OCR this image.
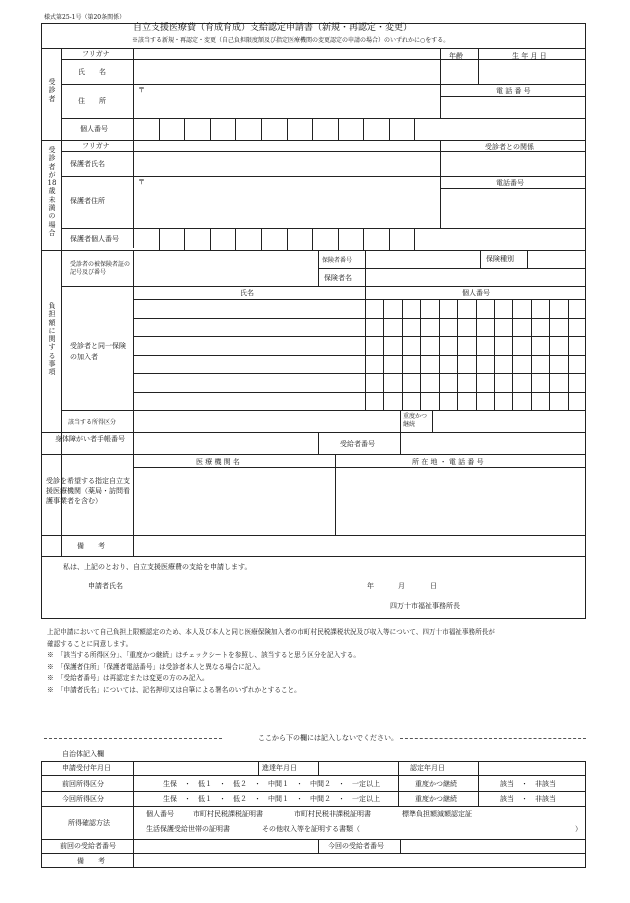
様式第25-1号（第20条関係）
自立支援医療費（育成育成）支給認定申請書（新規・再認定・変更）
※該当する新規・再認定・変更（自己負担限度額及び指定医療機関の変更認定の申請の場合）のいずれかに○をする。
受診者
フリガナ
氏　　名
住　　所
〒
個人番号
年齢	生 年 月 日
電 話 番 号
受診者が18歳未満の場合
フリガナ	受診者との関係
保護者氏名
〒
保護者住所
電話番号
保護者個人番号
負担額に関する事項
受診者の被保険者証の記号及び番号
保険者番号	保険種別
保険者名
氏名	個人番号
受診者と同一保険の加入者
該当する所得区分
重度かつ継続
身体障がい者手帳番号
受給者番号
受診を希望する指定自立支援医療機関（薬局・訪問看護事業者を含む）
医 療 機 関 名	所 在 地 ・ 電 話 番 号
備　　考
私は、上記のとおり、自立支援医療費の支給を申請します。
申請者氏名	年	月	日
四万十市福祉事務所長
上記申請において自己負担上限額認定のため、本人及び本人と同じ医療保険加入者の市町村民税課税状況及び収入等について、四万十市福祉事務所長が
確認することに同意します。
※　「該当する所得区分」、「重度かつ継続」はチェックシートを参照し、該当すると思う区分を記入する。
※　「保護者住所」「保護者電話番号」は受診者本人と異なる場合に記入。
※　「受給者番号」は再認定または変更の方のみ記入。
※　「申請者氏名」については、記名押印又は自筆による署名のいずれかとすること。
ここから下の欄には記入しないでください。
自治体記入欄
申請受付年月日	進達年月日	認定年月日
前回所得区分	生保　・　低１　・　低２　・　中間１　・　中間２　・　一定以上	重度かつ継続	該当　・　非該当
今回所得区分	生保　・　低１　・　低２　・　中間１　・　中間２　・　一定以上	重度かつ継続	該当　・　非該当
所得確認方法
個人番号	市町村民税課税証明書	市町村民税非課税証明書	標準負担額減額認定証
生活保護受給世帯の証明書	その他収入等を証明する書類（	）
前回の受給者番号	今回の受給者番号
備　　考
